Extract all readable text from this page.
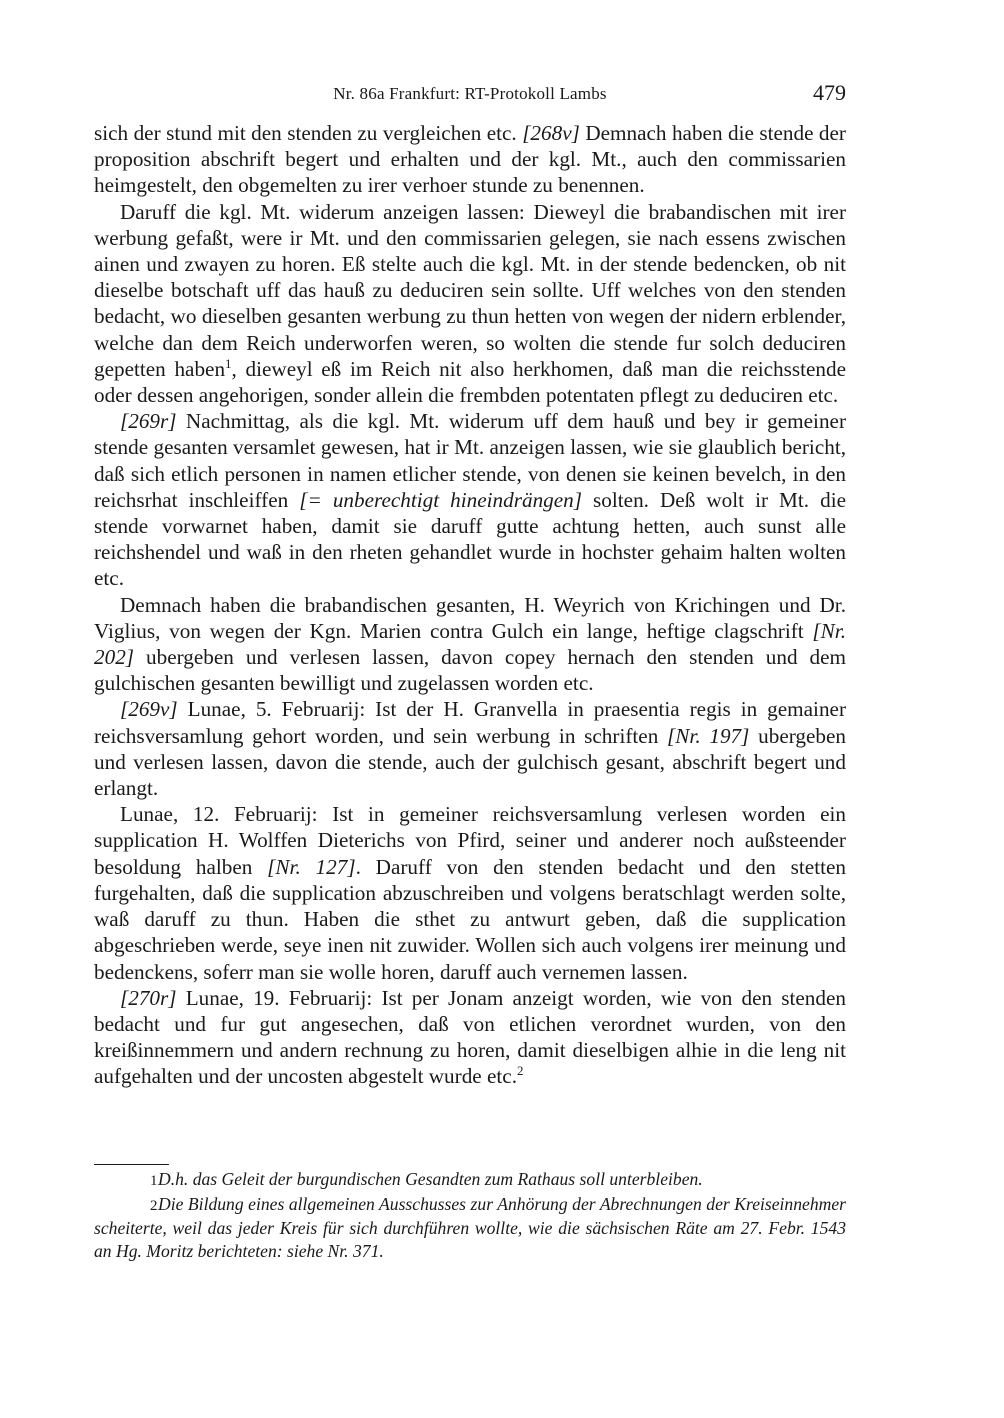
Nr. 86a Frankfurt: RT-Protokoll Lambs	479

sich der stund mit den stenden zu vergleichen etc. [268v] Demnach haben die stende der proposition abschrift begert und erhalten und der kgl. Mt., auch den commissarien heimgestelt, den obgemelten zu irer verhoer stunde zu benennen.

Daruff die kgl. Mt. widerum anzeigen lassen: Dieweyl die brabandischen mit irer werbung gefaßt, were ir Mt. und den commissarien gelegen, sie nach essens zwischen ainen und zwayen zu horen. Eß stelte auch die kgl. Mt. in der stende bedencken, ob nit dieselbe botschaft uff das hauß zu deduciren sein sollte. Uff welches von den stenden bedacht, wo dieselben gesanten werbung zu thun hetten von wegen der nidern erblender, welche dan dem Reich underworfen weren, so wolten die stende fur solch deduciren gepetten haben$^1$, dieweyl eß im Reich nit also herkhomen, daß man die reichsstende oder dessen angehorigen, sonder allein die frembden potentaten pflegt zu deduciren etc.

[269r] Nachmittag, als die kgl. Mt. widerum uff dem hauß und bey ir gemeiner stende gesanten versamlet gewesen, hat ir Mt. anzeigen lassen, wie sie glaublich bericht, daß sich etlich personen in namen etlicher stende, von denen sie keinen bevelch, in den reichsrhat inschleiffen [= unberechtigt hineindrängen] solten. Deß wolt ir Mt. die stende vorwarnet haben, damit sie daruff gutte achtung hetten, auch sunst alle reichshendel und waß in den rheten gehandlet wurde in hochster gehaim halten wolten etc.

Demnach haben die brabandischen gesanten, H. Weyrich von Krichingen und Dr. Viglius, von wegen der Kgn. Marien contra Gulch ein lange, heftige clagschrift [Nr. 202] ubergeben und verlesen lassen, davon copey hernach den stenden und dem gulchischen gesanten bewilligt und zugelassen worden etc.

[269v] Lunae, 5. Februarij: Ist der H. Granvella in praesentia regis in gemainer reichsversamlung gehort worden, und sein werbung in schriften [Nr. 197] ubergeben und verlesen lassen, davon die stende, auch der gulchisch gesant, abschrift begert und erlangt.

Lunae, 12. Februarij: Ist in gemeiner reichsversamlung verlesen worden ein supplication H. Wolffen Dieterichs von Pfird, seiner und anderer noch außsteender besoldung halben [Nr. 127]. Daruff von den stenden bedacht und den stetten furgehalten, daß die supplication abzuschreiben und volgens beratschlagt werden solte, waß daruff zu thun. Haben die sthet zu antwurt geben, daß die supplication abgeschrieben werde, seye inen nit zuwider. Wollen sich auch volgens irer meinung und bedenckens, soferr man sie wolle horen, daruff auch vernemen lassen.

[270r] Lunae, 19. Februarij: Ist per Jonam anzeigt worden, wie von den stenden bedacht und fur gut angesechen, daß von etlichen verordnet wurden, von den kreißinnemmern und andern rechnung zu horen, damit dieselbigen alhie in die leng nit aufgehalten und der uncosten abgestelt wurde etc.$^2$

1D.h. das Geleit der burgundischen Gesandten zum Rathaus soll unterbleiben.

2Die Bildung eines allgemeinen Ausschusses zur Anhörung der Abrechnungen der Kreiseinnehmer scheiterte, weil das jeder Kreis für sich durchführen wollte, wie die sächsischen Räte am 27. Febr. 1543 an Hg. Moritz berichteten: siehe Nr. 371.
